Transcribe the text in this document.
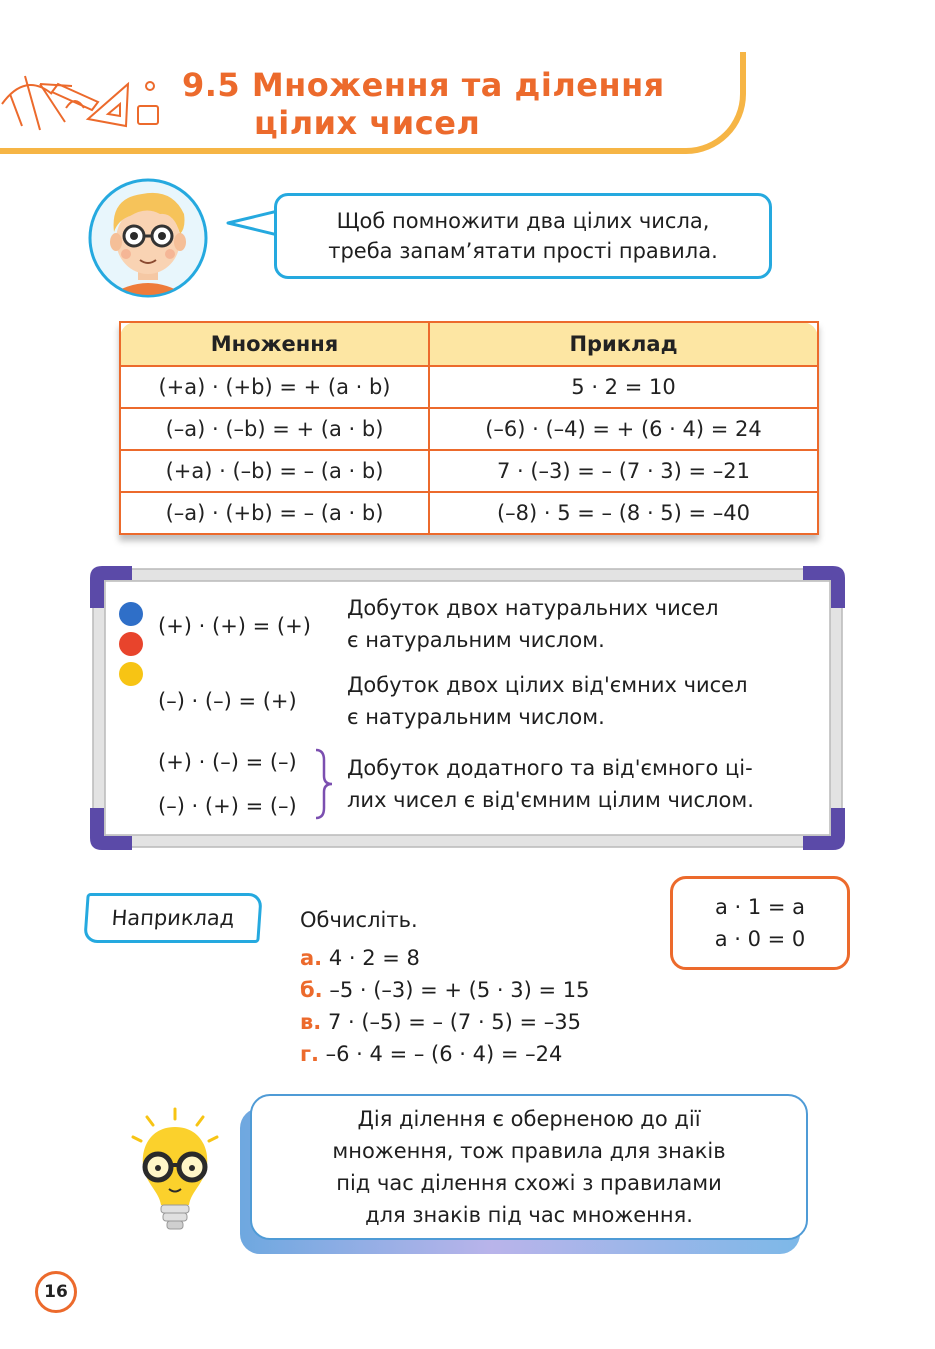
9.5 Множення та ділення
цілих чисел
Щоб помножити два цілих числа,
треба запам’ятати прості правила.
Множення	Приклад
(+a) · (+b) = + (a · b)	5 · 2 = 10
(–a) · (–b) = + (a · b)	(–6) · (–4) = + (6 · 4) = 24
(+a) · (–b) = – (a · b)	7 · (–3) = – (7 · 3) = –21
(–a) · (+b) = – (a · b)	(–8) · 5 = – (8 · 5) = –40
(+) · (+) = (+)
Добуток двох натуральних чисел
є натуральним числом.
(–) · (–) = (+)
Добуток двох цілих від'ємних чисел
є натуральним числом.
(+) · (–) = (–)
(–) · (+) = (–)
Добуток додатного та від'ємного ці-
лих чисел є від'ємним цілим числом.
Наприклад	Обчисліть.
а. 4 · 2 = 8
б. –5 · (–3) = + (5 · 3) = 15
в. 7 · (–5) = – (7 · 5) = –35
г. –6 · 4 = – (6 · 4) = –24
a · 1 = a
a · 0 = 0
Дія ділення є оберненою до дії
множення, тож правила для знаків
під час ділення схожі з правилами
для знаків під час множення.
16
